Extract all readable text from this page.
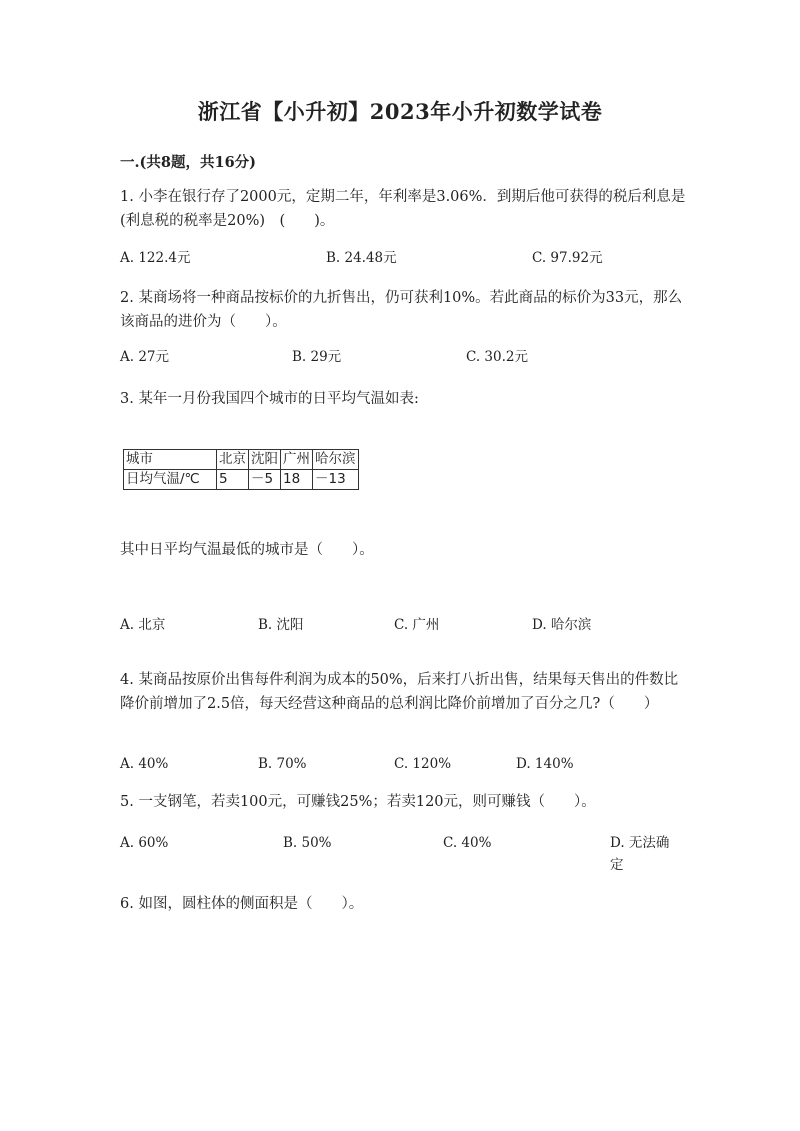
浙江省【小升初】2023年小升初数学试卷
一.(共8题，共16分)
1. 小李在银行存了2000元，定期二年，年利率是3.06%．到期后他可获得的税后利息是(利息税的税率是20%)　(　　)。
A. 122.4元	B. 24.48元	C. 97.92元
2. 某商场将一种商品按标价的九折售出，仍可获利10%。若此商品的标价为33元，那么该商品的进价为（　　）。
A. 27元	B. 29元	C. 30.2元
3. 某年一月份我国四个城市的日平均气温如表:
城市	北京	沈阳	广州	哈尔滨
日均气温/℃	5	－5	18	－13
其中日平均气温最低的城市是（　　）。
A. 北京	B. 沈阳	C. 广州	D. 哈尔滨
4. 某商品按原价出售每件利润为成本的50%，后来打八折出售，结果每天售出的件数比降价前增加了2.5倍，每天经营这种商品的总利润比降价前增加了百分之几?（　　）
A. 40%	B. 70%	C. 120%	D. 140%
5. 一支钢笔，若卖100元，可赚钱25%；若卖120元，则可赚钱（　　）。
A. 60%	B. 50%	C. 40%	D. 无法确定
6. 如图，圆柱体的侧面积是（　　）。
